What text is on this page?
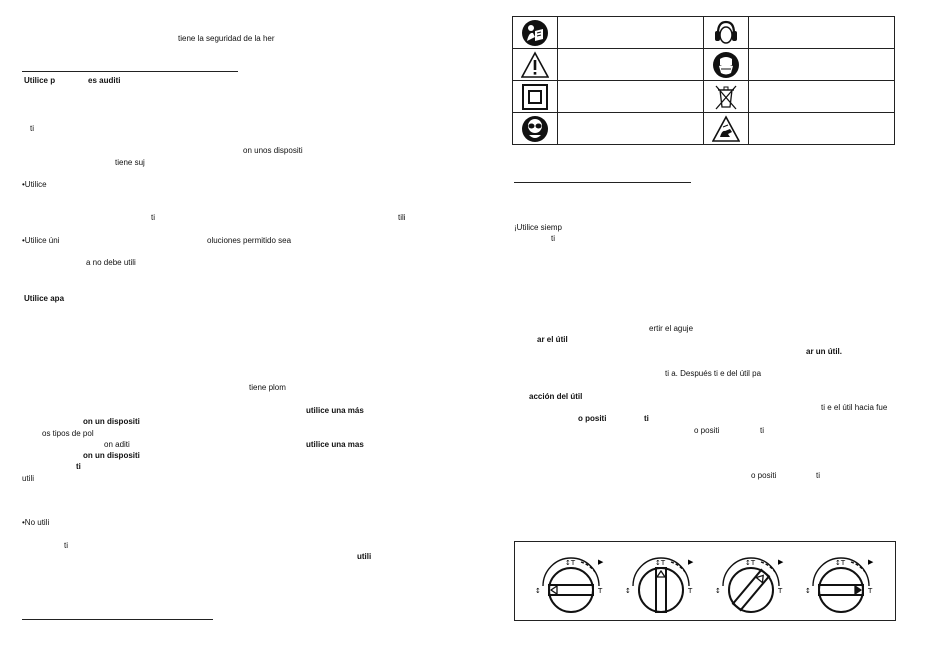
tiene la seguridad de la her
Utilice p	es auditi
ti
on unos dispositi
tiene suj
•Utilice
ti	tili
•Utilice úni	oluciones permitido sea
a no debe utili
Utilice apa
tiene plom
utilice una más
on un dispositi
os tipos de pol
on aditi	utilice una mas
on un dispositi
ti
utili
•No utili
ti
utili

¡Utilice siemp
ti
ertir el aguje
ar el útil
ar un útil.
ti a. Después ti e del útil pa
acción del útil
ti e el útil hacia fue
o positi	ti
o positi	ti
o positi	ti
↕T	▶
↕	T
↕T	▶
↕	T
↕T	▶
↕	T
↕T	▶
↕	T
